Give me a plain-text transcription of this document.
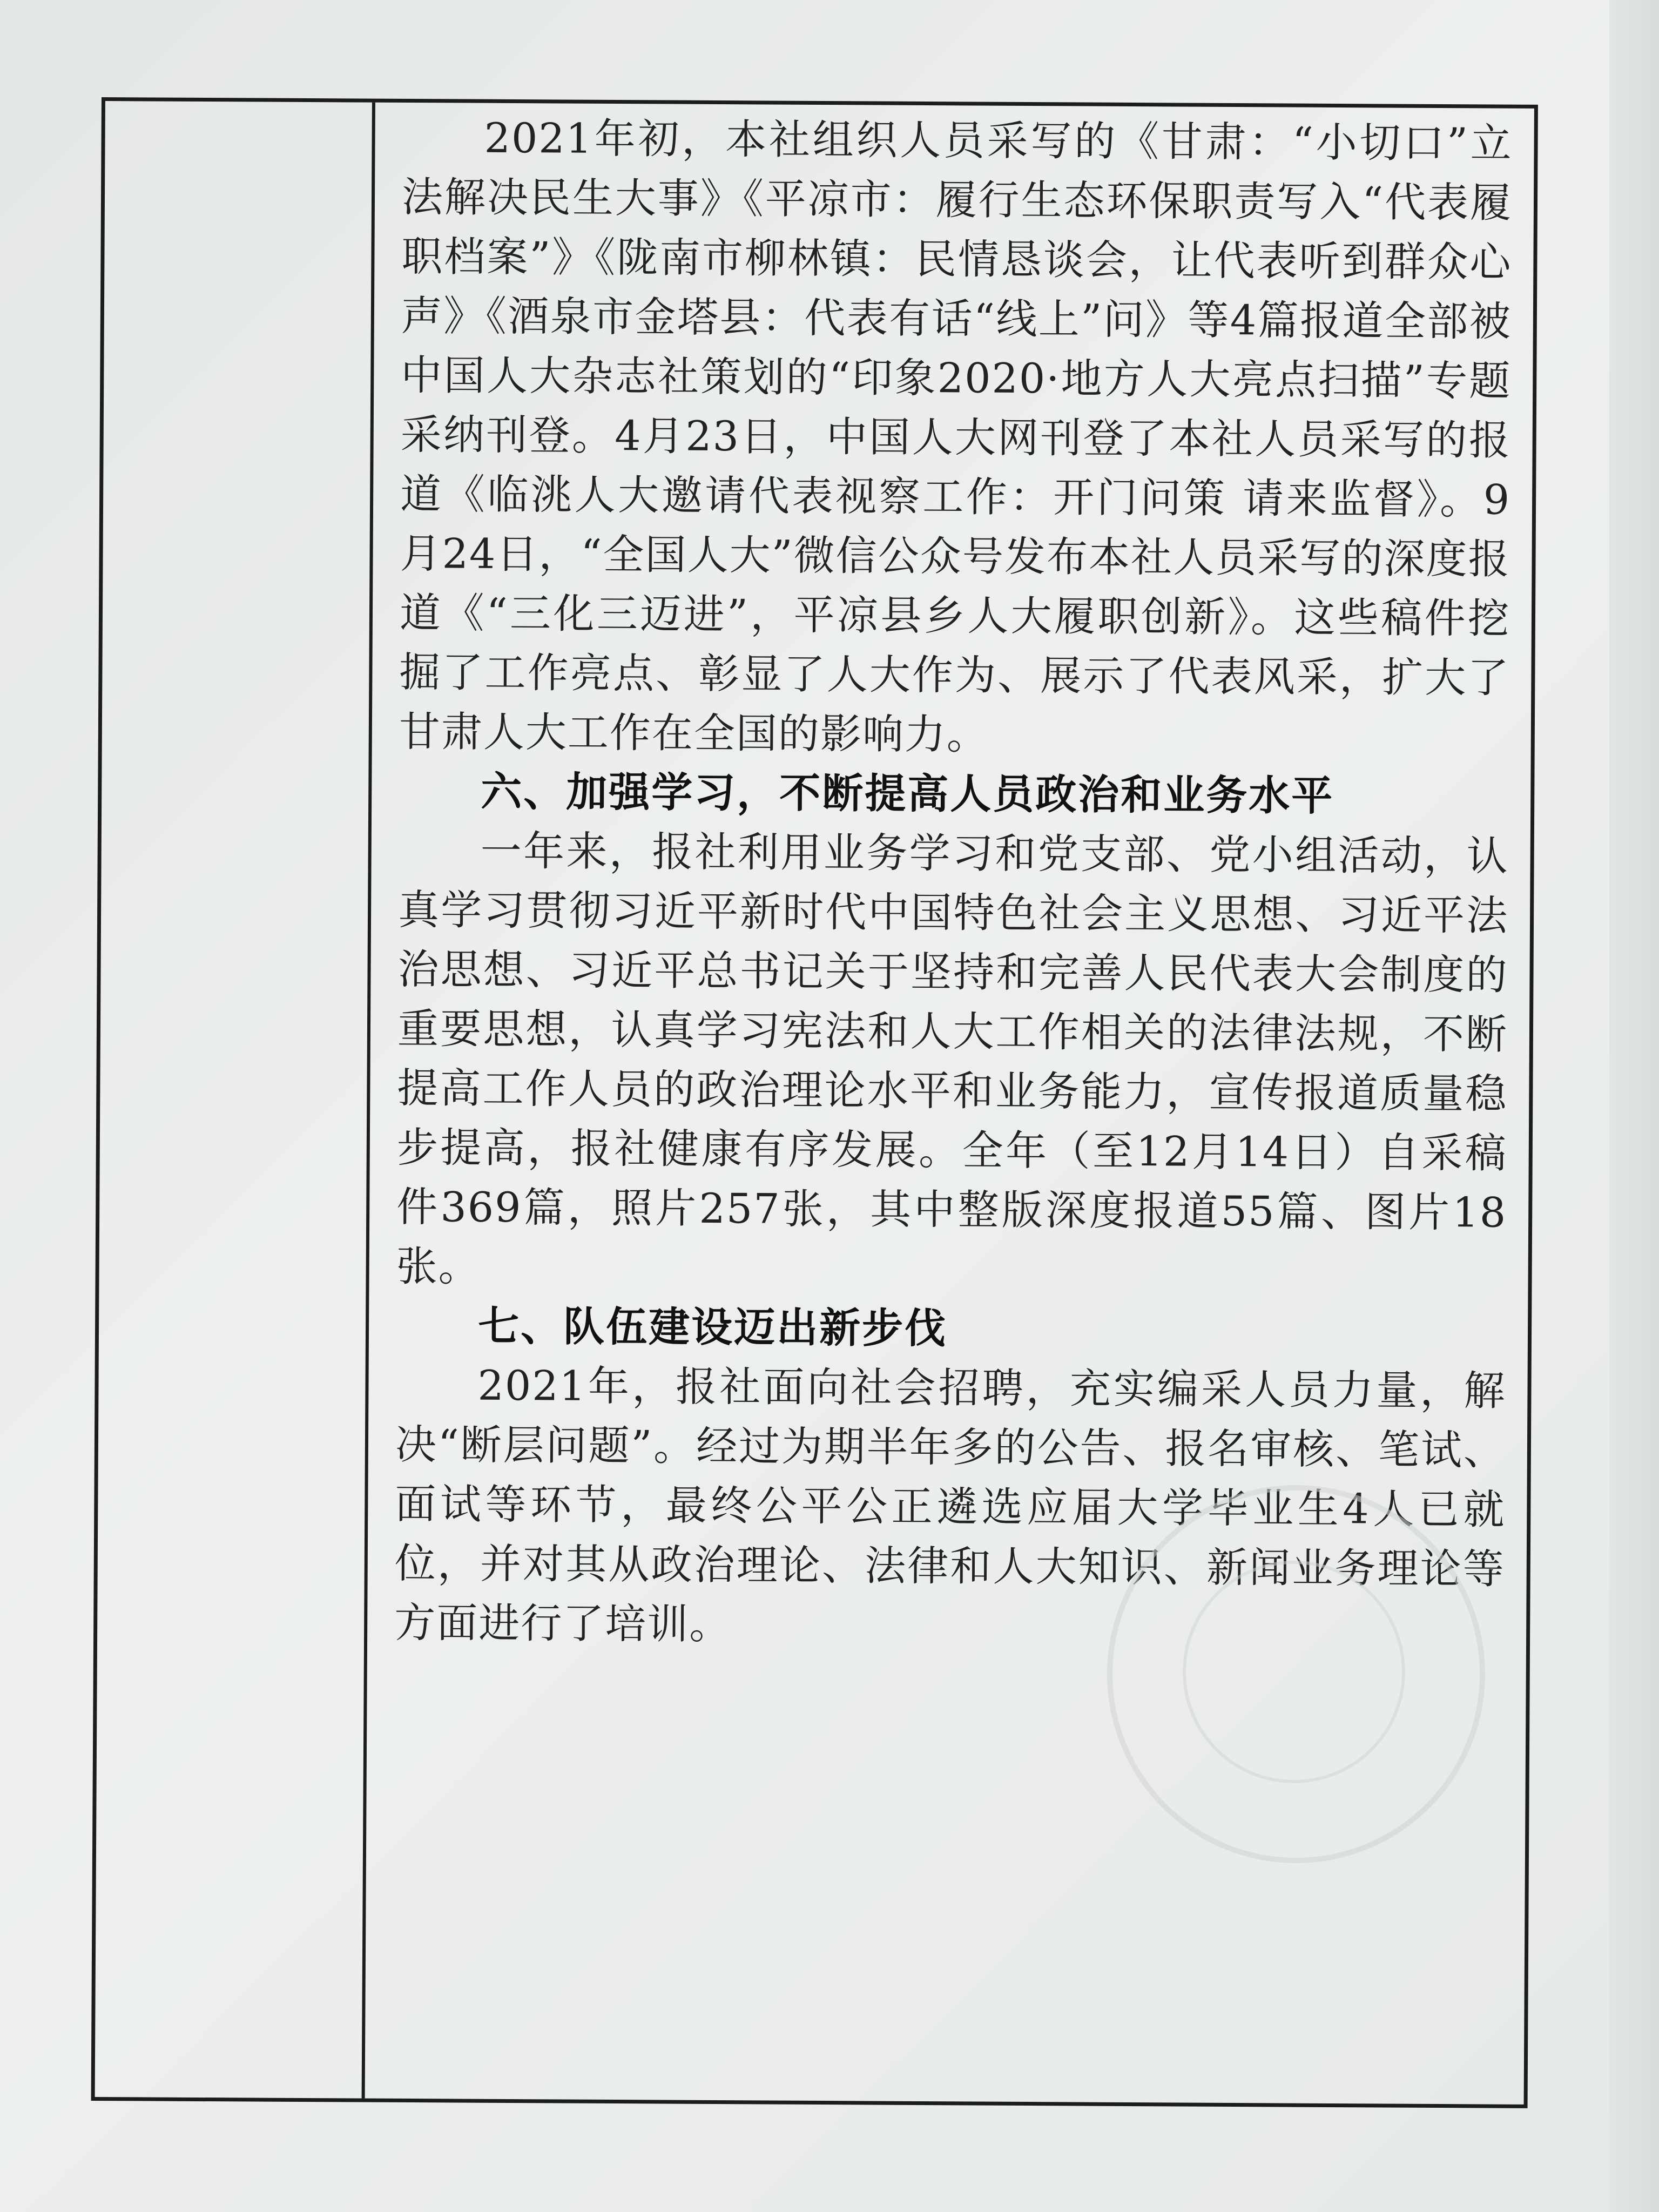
2021年初，本社组织人员采写的《甘肃：“小切口”立法解决民生大事》《平凉市：履行生态环保职责写入“代表履职档案”》《陇南市柳林镇：民情恳谈会，让代表听到群众心声》《酒泉市金塔县：代表有话“线上”问》等4篇报道全部被中国人大杂志社策划的“印象2020·地方人大亮点扫描”专题采纳刊登。4月23日，中国人大网刊登了本社人员采写的报道《临洮人大邀请代表视察工作：开门问策 请来监督》。9月24日，“全国人大”微信公众号发布本社人员采写的深度报道《“三化三迈进”，平凉县乡人大履职创新》。这些稿件挖掘了工作亮点、彰显了人大作为、展示了代表风采，扩大了甘肃人大工作在全国的影响力。

六、加强学习，不断提高人员政治和业务水平

一年来，报社利用业务学习和党支部、党小组活动，认真学习贯彻习近平新时代中国特色社会主义思想、习近平法治思想、习近平总书记关于坚持和完善人民代表大会制度的重要思想，认真学习宪法和人大工作相关的法律法规，不断提高工作人员的政治理论水平和业务能力，宣传报道质量稳步提高，报社健康有序发展。全年（至12月14日）自采稿件369篇，照片257张，其中整版深度报道55篇、图片18张。

七、队伍建设迈出新步伐

2021年，报社面向社会招聘，充实编采人员力量，解决“断层问题”。经过为期半年多的公告、报名审核、笔试、面试等环节，最终公平公正遴选应届大学毕业生4人已就位，并对其从政治理论、法律和人大知识、新闻业务理论等方面进行了培训。
